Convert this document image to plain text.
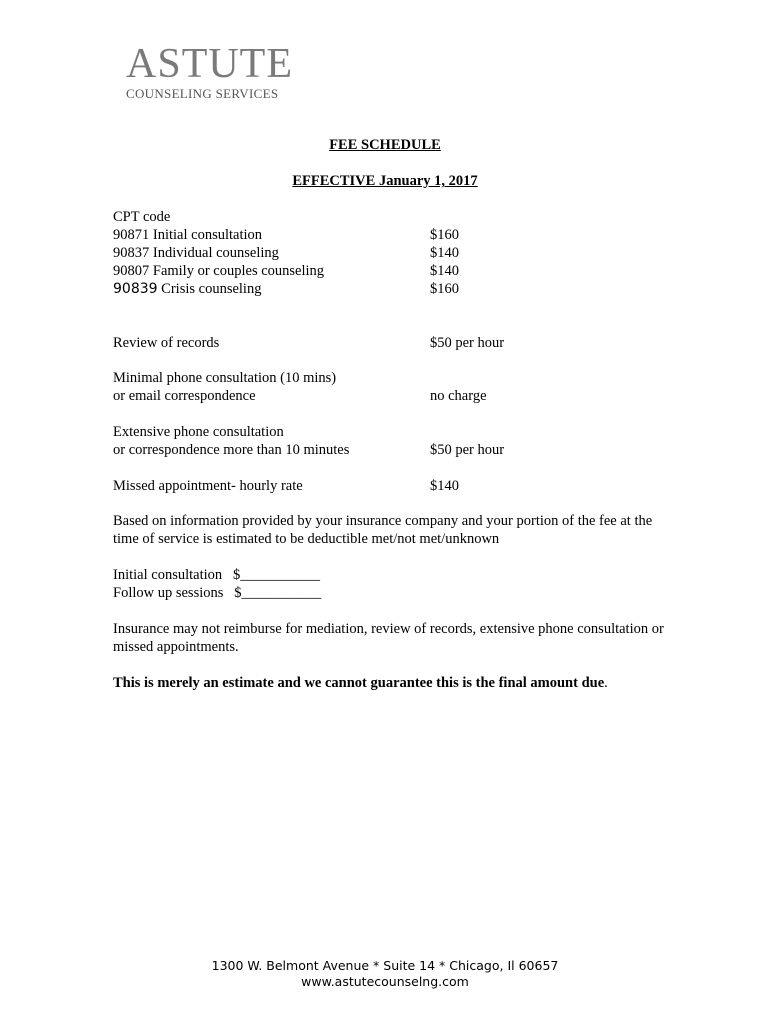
ASTUTE
COUNSELING SERVICES
FEE SCHEDULE
EFFECTIVE January 1, 2017
CPT code
90871 Initial consultation	$160
90837 Individual counseling	$140
90807 Family or couples counseling	$140
90839 Crisis counseling	$160
Review of records	$50 per hour
Minimal phone consultation (10 mins)
or email correspondence	no charge
Extensive phone consultation
or correspondence more than 10 minutes	$50 per hour
Missed appointment- hourly rate	$140
Based on information provided by your insurance company and your portion of the fee at the time of service is estimated to be deductible met/not met/unknown
Initial consultation $___________
Follow up sessions $___________
Insurance may not reimburse for mediation, review of records, extensive phone consultation or missed appointments.
This is merely an estimate and we cannot guarantee this is the final amount due.
1300 W. Belmont Avenue * Suite 14 * Chicago, Il 60657
www.astutecounselng.com
